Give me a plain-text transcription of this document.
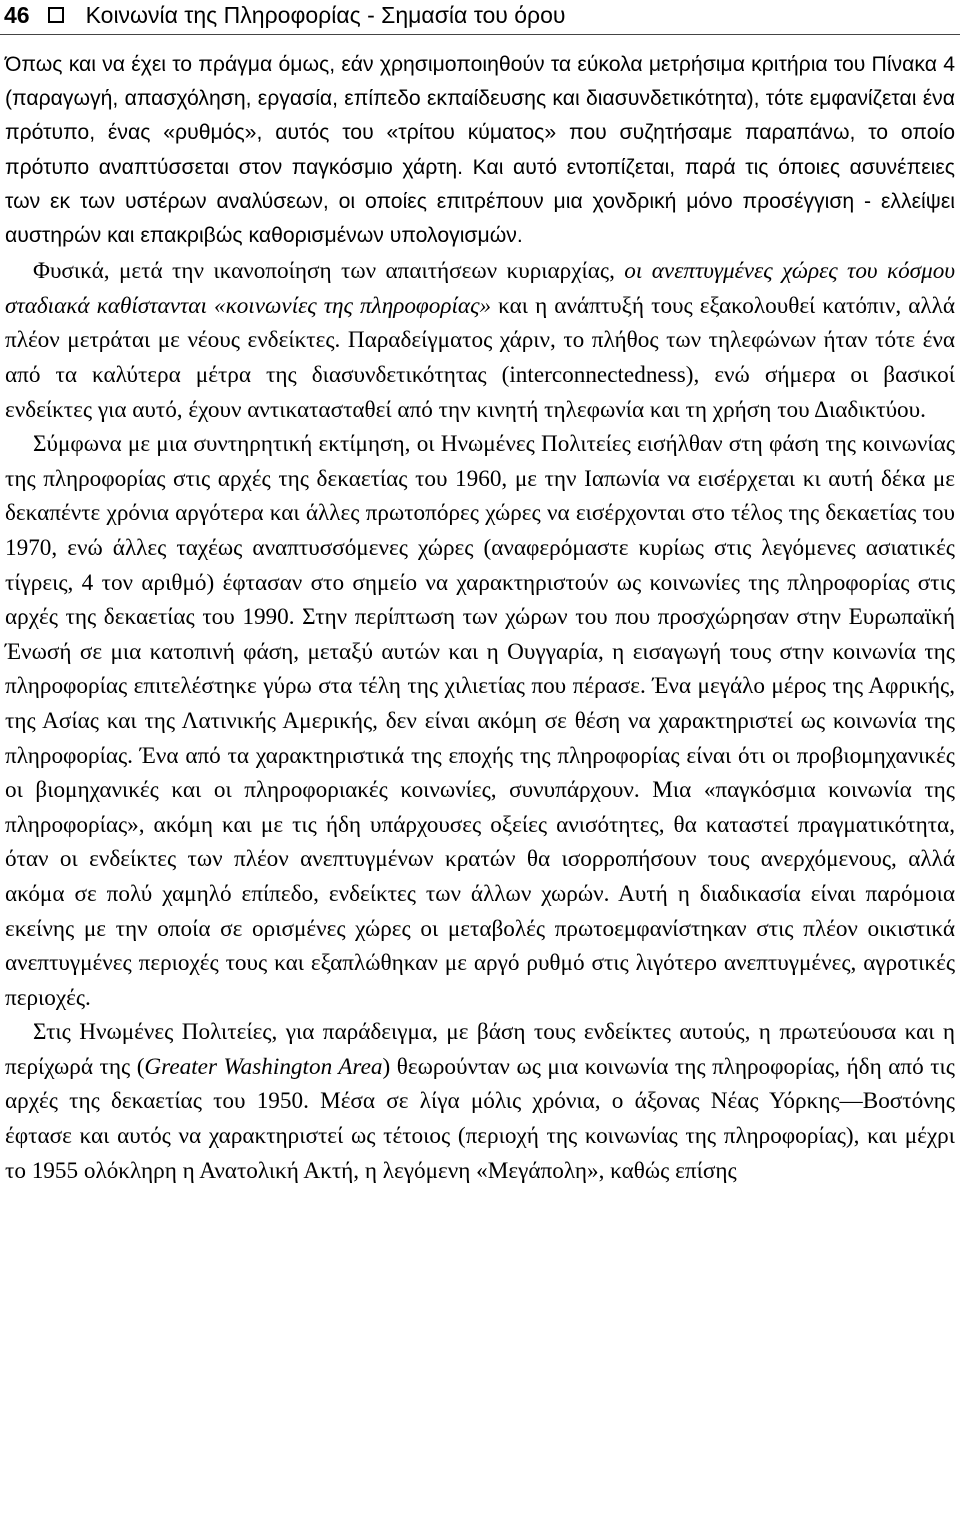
46 Κοινωνία της Πληροφορίας - Σημασία του όρου

Όπως και να έχει το πράγμα όμως, εάν χρησιμοποιηθούν τα εύκολα μετρήσιμα κριτήρια του Πίνακα 4 (παραγωγή, απασχόληση, εργασία, επίπεδο εκπαίδευσης και διασυνδετικότητα), τότε εμφανίζεται ένα πρότυπο, ένας «ρυθμός», αυτός του «τρίτου κύματος» που συζητήσαμε παραπάνω, το οποίο πρότυπο αναπτύσσεται στον παγκόσμιο χάρτη. Και αυτό εντοπίζεται, παρά τις όποιες ασυνέπειες των εκ των υστέρων αναλύσεων, οι οποίες επιτρέπουν μια χονδρική μόνο προσέγγιση - ελλείψει αυστηρών και επακριβώς καθορισμένων υπολογισμών.

Φυσικά, μετά την ικανοποίηση των απαιτήσεων κυριαρχίας, οι ανεπτυγμένες χώρες του κόσμου σταδιακά καθίστανται «κοινωνίες της πληροφορίας» και η ανάπτυξή τους εξακολουθεί κατόπιν, αλλά πλέον μετράται με νέους ενδείκτες. Παραδείγματος χάριν, το πλήθος των τηλεφώνων ήταν τότε ένα από τα καλύτερα μέτρα της διασυνδετικότητας (interconnectedness), ενώ σήμερα οι βασικοί ενδείκτες για αυτό, έχουν αντικατασταθεί από την κινητή τηλεφωνία και τη χρήση του Διαδικτύου.

Σύμφωνα με μια συντηρητική εκτίμηση, οι Ηνωμένες Πολιτείες εισήλθαν στη φάση της κοινωνίας της πληροφορίας στις αρχές της δεκαετίας του 1960, με την Ιαπωνία να εισέρχεται κι αυτή δέκα με δεκαπέντε χρόνια αργότερα και άλλες πρωτοπόρες χώρες να εισέρχονται στο τέλος της δεκαετίας του 1970, ενώ άλλες ταχέως αναπτυσσόμενες χώρες (αναφερόμαστε κυρίως στις λεγόμενες ασιατικές τίγρεις, 4 τον αριθμό) έφτασαν στο σημείο να χαρακτηριστούν ως κοινωνίες της πληροφορίας στις αρχές της δεκαετίας του 1990. Στην περίπτωση των χώρων του που προσχώρησαν στην Ευρωπαϊκή Ένωσή σε μια κατοπινή φάση, μεταξύ αυτών και η Ουγγαρία, η εισαγωγή τους στην κοινωνία της πληροφορίας επιτελέστηκε γύρω στα τέλη της χιλιετίας που πέρασε. Ένα μεγάλο μέρος της Αφρικής, της Ασίας και της Λατινικής Αμερικής, δεν είναι ακόμη σε θέση να χαρακτηριστεί ως κοινωνία της πληροφορίας. Ένα από τα χαρακτηριστικά της εποχής της πληροφορίας είναι ότι οι προβιομηχανικές οι βιομηχανικές και οι πληροφοριακές κοινωνίες, συνυπάρχουν. Μια «παγκόσμια κοινωνία της πληροφορίας», ακόμη και με τις ήδη υπάρχουσες οξείες ανισότητες, θα καταστεί πραγματικότητα, όταν οι ενδείκτες των πλέον ανεπτυγμένων κρατών θα ισορροπήσουν τους ανερχόμενους, αλλά ακόμα σε πολύ χαμηλό επίπεδο, ενδείκτες των άλλων χωρών. Αυτή η διαδικασία είναι παρόμοια εκείνης με την οποία σε ορισμένες χώρες οι μεταβολές πρωτοεμφανίστηκαν στις πλέον οικιστικά ανεπτυγμένες περιοχές τους και εξαπλώθηκαν με αργό ρυθμό στις λιγότερο ανεπτυγμένες, αγροτικές περιοχές.

Στις Ηνωμένες Πολιτείες, για παράδειγμα, με βάση τους ενδείκτες αυτούς, η πρωτεύουσα και η περίχωρά της (Greater Washington Area) θεωρούνταν ως μια κοινωνία της πληροφορίας, ήδη από τις αρχές της δεκαετίας του 1950. Μέσα σε λίγα μόλις χρόνια, ο άξονας Νέας Υόρκης—Βοστόνης έφτασε και αυτός να χαρακτηριστεί ως τέτοιος (περιοχή της κοινωνίας της πληροφορίας), και μέχρι το 1955 ολόκληρη η Ανατολική Ακτή, η λεγόμενη «Μεγάπολη», καθώς επίσης
